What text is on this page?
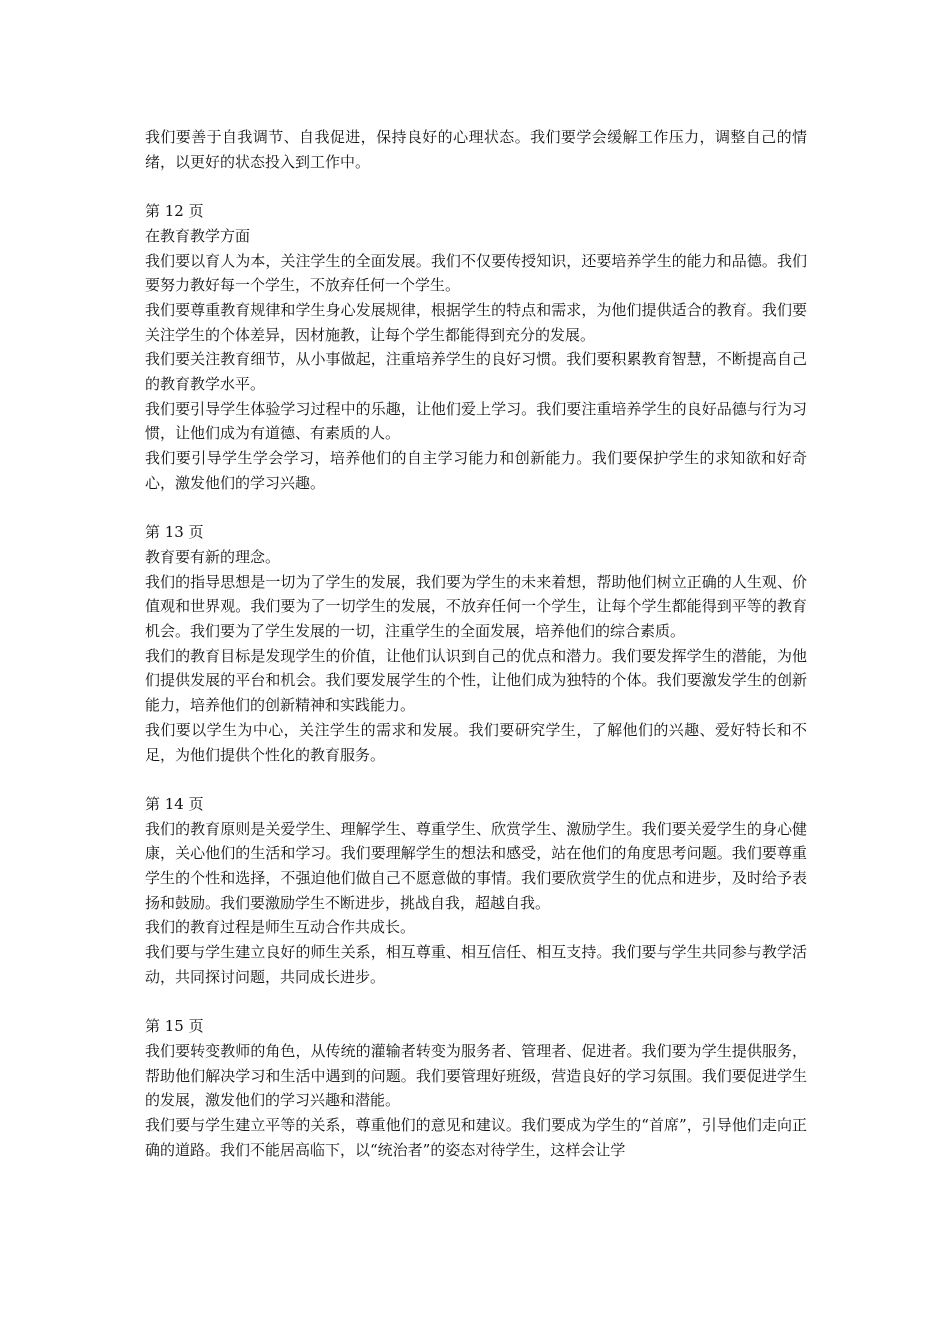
我们要善于自我调节、自我促进，保持良好的心理状态。我们要学会缓解工作压力，调整自己的情绪，以更好的状态投入到工作中。

第 12 页

在教育教学方面

我们要以育人为本，关注学生的全面发展。我们不仅要传授知识，还要培养学生的能力和品德。我们要努力教好每一个学生，不放弃任何一个学生。

我们要尊重教育规律和学生身心发展规律，根据学生的特点和需求，为他们提供适合的教育。我们要关注学生的个体差异，因材施教，让每个学生都能得到充分的发展。

我们要关注教育细节，从小事做起，注重培养学生的良好习惯。我们要积累教育智慧，不断提高自己的教育教学水平。

我们要引导学生体验学习过程中的乐趣，让他们爱上学习。我们要注重培养学生的良好品德与行为习惯，让他们成为有道德、有素质的人。

我们要引导学生学会学习，培养他们的自主学习能力和创新能力。我们要保护学生的求知欲和好奇心，激发他们的学习兴趣。

第 13 页

教育要有新的理念。

我们的指导思想是一切为了学生的发展，我们要为学生的未来着想，帮助他们树立正确的人生观、价值观和世界观。我们要为了一切学生的发展，不放弃任何一个学生，让每个学生都能得到平等的教育机会。我们要为了学生发展的一切，注重学生的全面发展，培养他们的综合素质。

我们的教育目标是发现学生的价值，让他们认识到自己的优点和潜力。我们要发挥学生的潜能，为他们提供发展的平台和机会。我们要发展学生的个性，让他们成为独特的个体。我们要激发学生的创新能力，培养他们的创新精神和实践能力。

我们要以学生为中心，关注学生的需求和发展。我们要研究学生，了解他们的兴趣、爱好特长和不足，为他们提供个性化的教育服务。

第 14 页

我们的教育原则是关爱学生、理解学生、尊重学生、欣赏学生、激励学生。我们要关爱学生的身心健康，关心他们的生活和学习。我们要理解学生的想法和感受，站在他们的角度思考问题。我们要尊重学生的个性和选择，不强迫他们做自己不愿意做的事情。我们要欣赏学生的优点和进步，及时给予表扬和鼓励。我们要激励学生不断进步，挑战自我，超越自我。

我们的教育过程是师生互动合作共成长。

我们要与学生建立良好的师生关系，相互尊重、相互信任、相互支持。我们要与学生共同参与教学活动，共同探讨问题，共同成长进步。

第 15 页

我们要转变教师的角色，从传统的灌输者转变为服务者、管理者、促进者。我们要为学生提供服务，帮助他们解决学习和生活中遇到的问题。我们要管理好班级，营造良好的学习氛围。我们要促进学生的发展，激发他们的学习兴趣和潜能。

我们要与学生建立平等的关系，尊重他们的意见和建议。我们要成为学生的“首席”，引导他们走向正确的道路。我们不能居高临下，以“统治者”的姿态对待学生，这样会让学
